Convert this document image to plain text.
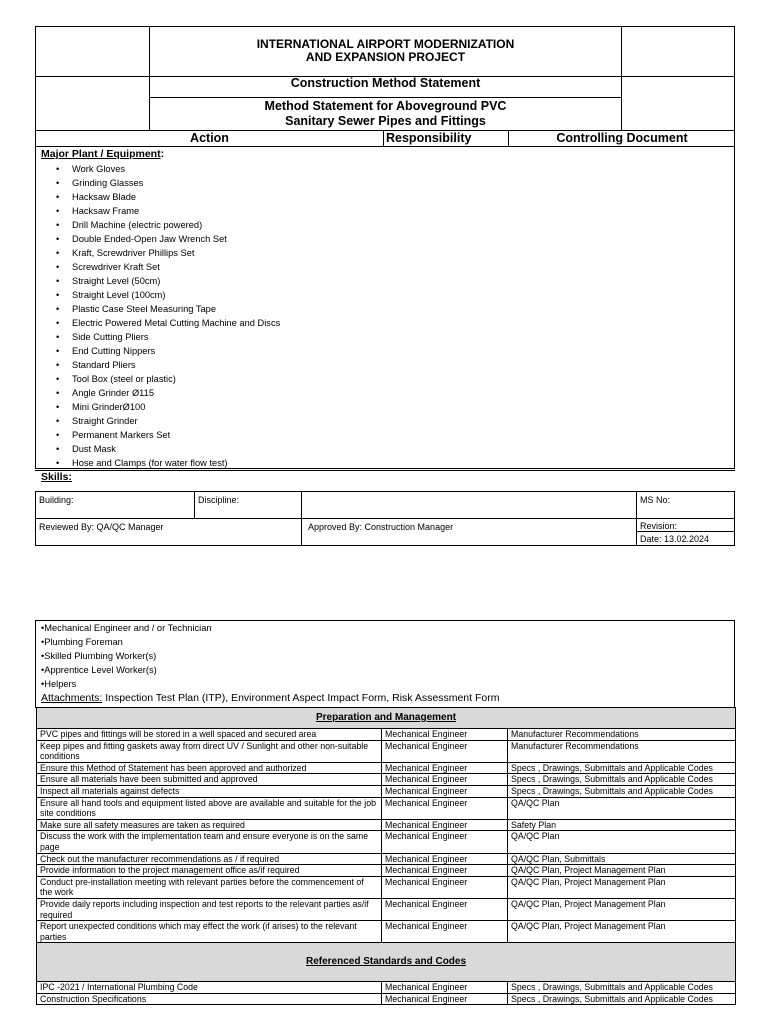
INTERNATIONAL AIRPORT MODERNIZATION
AND EXPANSION PROJECT
Construction Method Statement
Method Statement for Aboveground PVC
Sanitary Sewer Pipes and Fittings
Action	Responsibility	Controlling Document
Major Plant / Equipment:
• Work Gloves
• Grinding Glasses
• Hacksaw Blade
• Hacksaw Frame
• Drill Machine (electric powered)
• Double Ended-Open Jaw Wrench Set
• Kraft, Screwdriver Phillips Set
• Screwdriver Kraft Set
• Straight Level (50cm)
• Straight Level (100cm)
• Plastic Case Steel Measuring Tape
• Electric Powered Metal Cutting Machine and Discs
• Side Cutting Pliers
• End Cutting Nippers
• Standard Pliers
• Tool Box (steel or plastic)
• Angle Grinder Ø115
• Mini GrinderØ100
• Straight Grinder
• Permanent Markers Set
• Dust Mask
• Hose and Clamps (for water flow test)
Skills:
Building:	Discipline:	MS No:
Reviewed By: QA/QC Manager	Approved By: Construction Manager	Revision:
Date: 13.02.2024
• Mechanical Engineer and / or Technician
• Plumbing Foreman
• Skilled Plumbing Worker(s)
• Apprentice Level Worker(s)
• Helpers
Attachments: Inspection Test Plan (ITP), Environment Aspect Impact Form, Risk Assessment Form
Preparation and Management		
PVC pipes and fittings will be stored in a well spaced and secured area	Mechanical Engineer	Manufacturer Recommendations
Keep pipes and fitting gaskets away from direct UV / Sunlight and other non-suitable conditions	Mechanical Engineer	Manufacturer Recommendations
Ensure this Method of Statement has been approved and authorized	Mechanical Engineer	Specs , Drawings, Submittals and Applicable Codes
Ensure all materials have been submitted and approved	Mechanical Engineer	Specs , Drawings, Submittals and Applicable Codes
Inspect all materials against defects	Mechanical Engineer	Specs , Drawings, Submittals and Applicable Codes
Ensure all hand tools and equipment listed above are available and suitable for the job site conditions	Mechanical Engineer	QA/QC Plan
Make sure all safety measures are taken as required	Mechanical Engineer	Safety Plan
Discuss the work with the implementation team and ensure everyone is on the same page	Mechanical Engineer	QA/QC Plan
Check out the manufacturer recommendations as / if required	Mechanical Engineer	QA/QC Plan, Submittals
Provide information to the project management office as/if required	Mechanical Engineer	QA/QC Plan, Project Management Plan
Conduct pre-installation meeting with relevant parties before the commencement of the work	Mechanical Engineer	QA/QC Plan, Project Management Plan
Provide daily reports including inspection and test reports to the relevant parties as/if required	Mechanical Engineer	QA/QC Plan, Project Management Plan
Report unexpected conditions which may effect the work (if arises) to the relevant parties	Mechanical Engineer	QA/QC Plan, Project Management Plan
Referenced Standards and Codes		
IPC -2021 / International Plumbing Code	Mechanical Engineer	Specs , Drawings, Submittals and Applicable Codes
Construction Specifications	Mechanical Engineer	Specs , Drawings, Submittals and Applicable Codes
